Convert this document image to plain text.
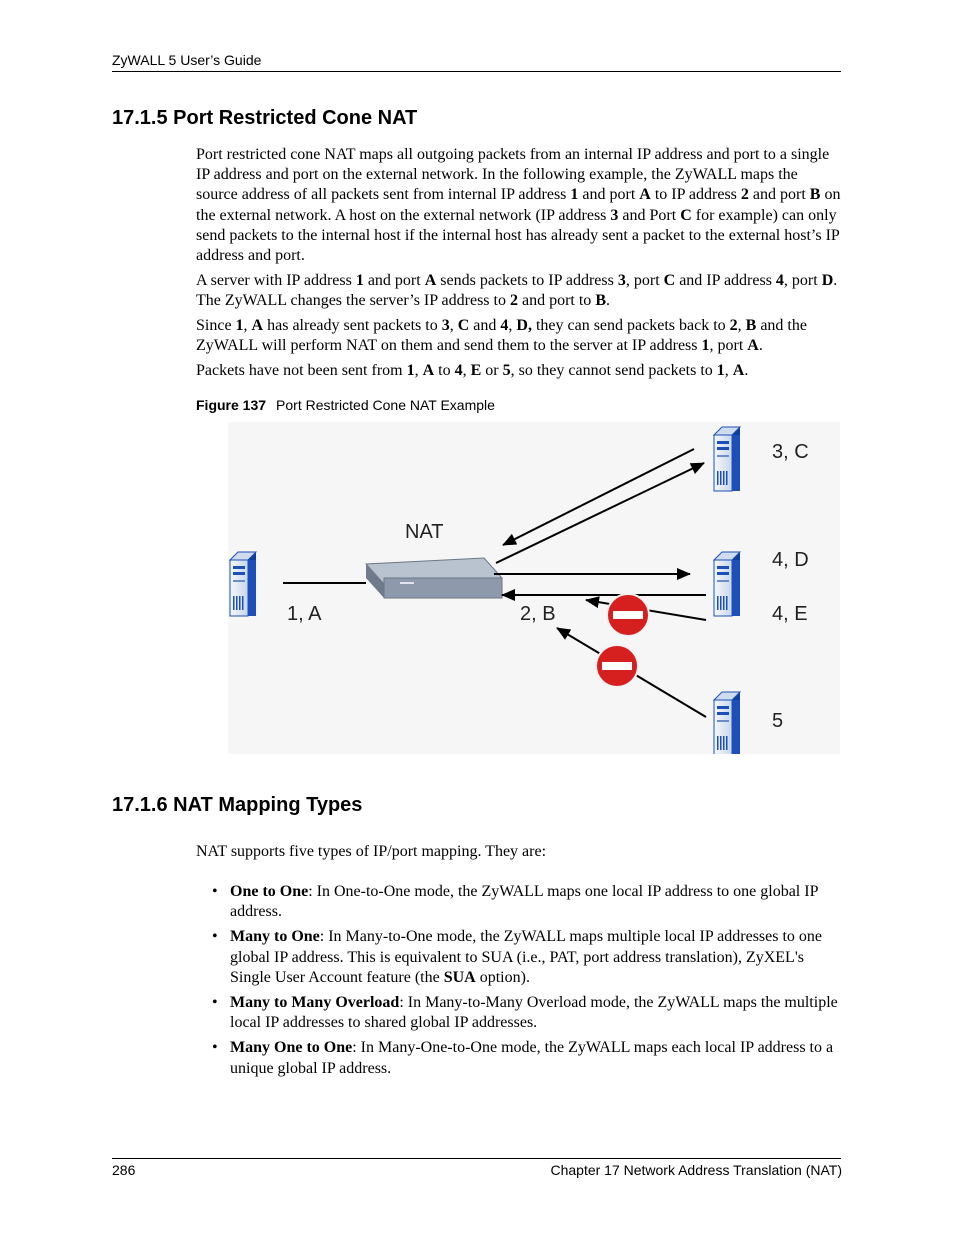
ZyWALL 5 User’s Guide
17.1.5 Port Restricted Cone NAT

Port restricted cone NAT maps all outgoing packets from an internal IP address and port to a single IP address and port on the external network. In the following example, the ZyWALL maps the source address of all packets sent from internal IP address 1 and port A to IP address 2 and port B on the external network. A host on the external network (IP address 3 and Port C for example) can only send packets to the internal host if the internal host has already sent a packet to the external host’s IP address and port.

A server with IP address 1 and port A sends packets to IP address 3, port C and IP address 4, port D. The ZyWALL changes the server’s IP address to 2 and port to B.

Since 1, A has already sent packets to 3, C and 4, D, they can send packets back to 2, B and the ZyWALL will perform NAT on them and send them to the server at IP address 1, port A.

Packets have not been sent from 1, A to 4, E or 5, so they cannot send packets to 1, A.

Figure 137 Port Restricted Cone NAT Example
NAT
1, A	2, B
3, C
4, D
4, E
5
17.1.6 NAT Mapping Types

NAT supports five types of IP/port mapping. They are:

• One to One: In One-to-One mode, the ZyWALL maps one local IP address to one global IP address.
• Many to One: In Many-to-One mode, the ZyWALL maps multiple local IP addresses to one global IP address. This is equivalent to SUA (i.e., PAT, port address translation), ZyXEL's Single User Account feature (the SUA option).
• Many to Many Overload: In Many-to-Many Overload mode, the ZyWALL maps the multiple local IP addresses to shared global IP addresses.
• Many One to One: In Many-One-to-One mode, the ZyWALL maps each local IP address to a unique global IP address.
286	Chapter 17 Network Address Translation (NAT)
